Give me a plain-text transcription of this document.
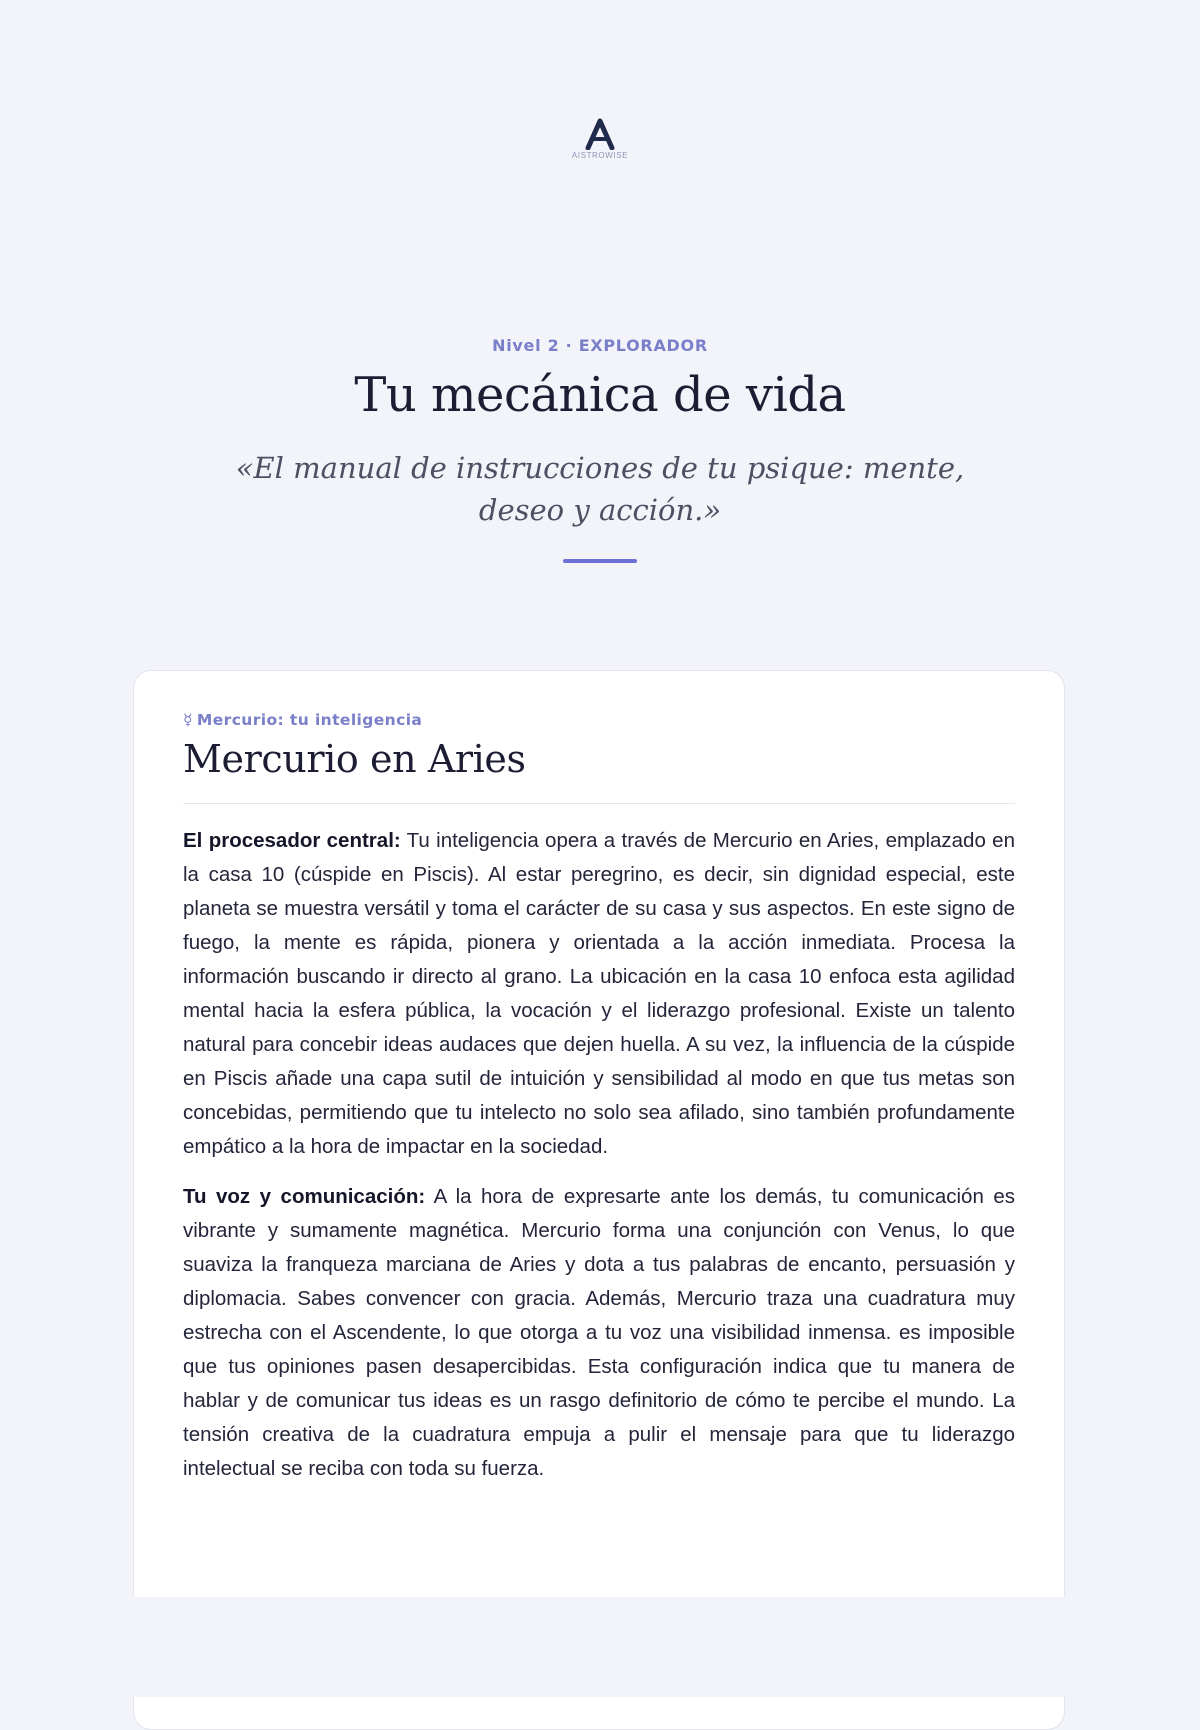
AISTROWISE
Nivel 2 · EXPLORADOR
Tu mecánica de vida
«El manual de instrucciones de tu psique: mente, deseo y acción.»
☿ Mercurio: tu inteligencia
Mercurio en Aries

El procesador central: Tu inteligencia opera a través de Mercurio en Aries, emplazado en la casa 10 (cúspide en Piscis). Al estar peregrino, es decir, sin dignidad especial, este planeta se muestra versátil y toma el carácter de su casa y sus aspectos. En este signo de fuego, la mente es rápida, pionera y orientada a la acción inmediata. Procesa la información buscando ir directo al grano. La ubicación en la casa 10 enfoca esta agilidad mental hacia la esfera pública, la vocación y el liderazgo profesional. Existe un talento natural para concebir ideas audaces que dejen huella. A su vez, la influencia de la cúspide en Piscis añade una capa sutil de intuición y sensibilidad al modo en que tus metas son concebidas, permitiendo que tu intelecto no solo sea afilado, sino también profundamente empático a la hora de impactar en la sociedad.

Tu voz y comunicación: A la hora de expresarte ante los demás, tu comunicación es vibrante y sumamente magnética. Mercurio forma una conjunción con Venus, lo que suaviza la franqueza marciana de Aries y dota a tus palabras de encanto, persuasión y diplomacia. Sabes convencer con gracia. Además, Mercurio traza una cuadratura muy estrecha con el Ascendente, lo que otorga a tu voz una visibilidad inmensa. es imposible que tus opiniones pasen desapercibidas. Esta configuración indica que tu manera de hablar y de comunicar tus ideas es un rasgo definitorio de cómo te percibe el mundo. La tensión creativa de la cuadratura empuja a pulir el mensaje para que tu liderazgo intelectual se reciba con toda su fuerza.
